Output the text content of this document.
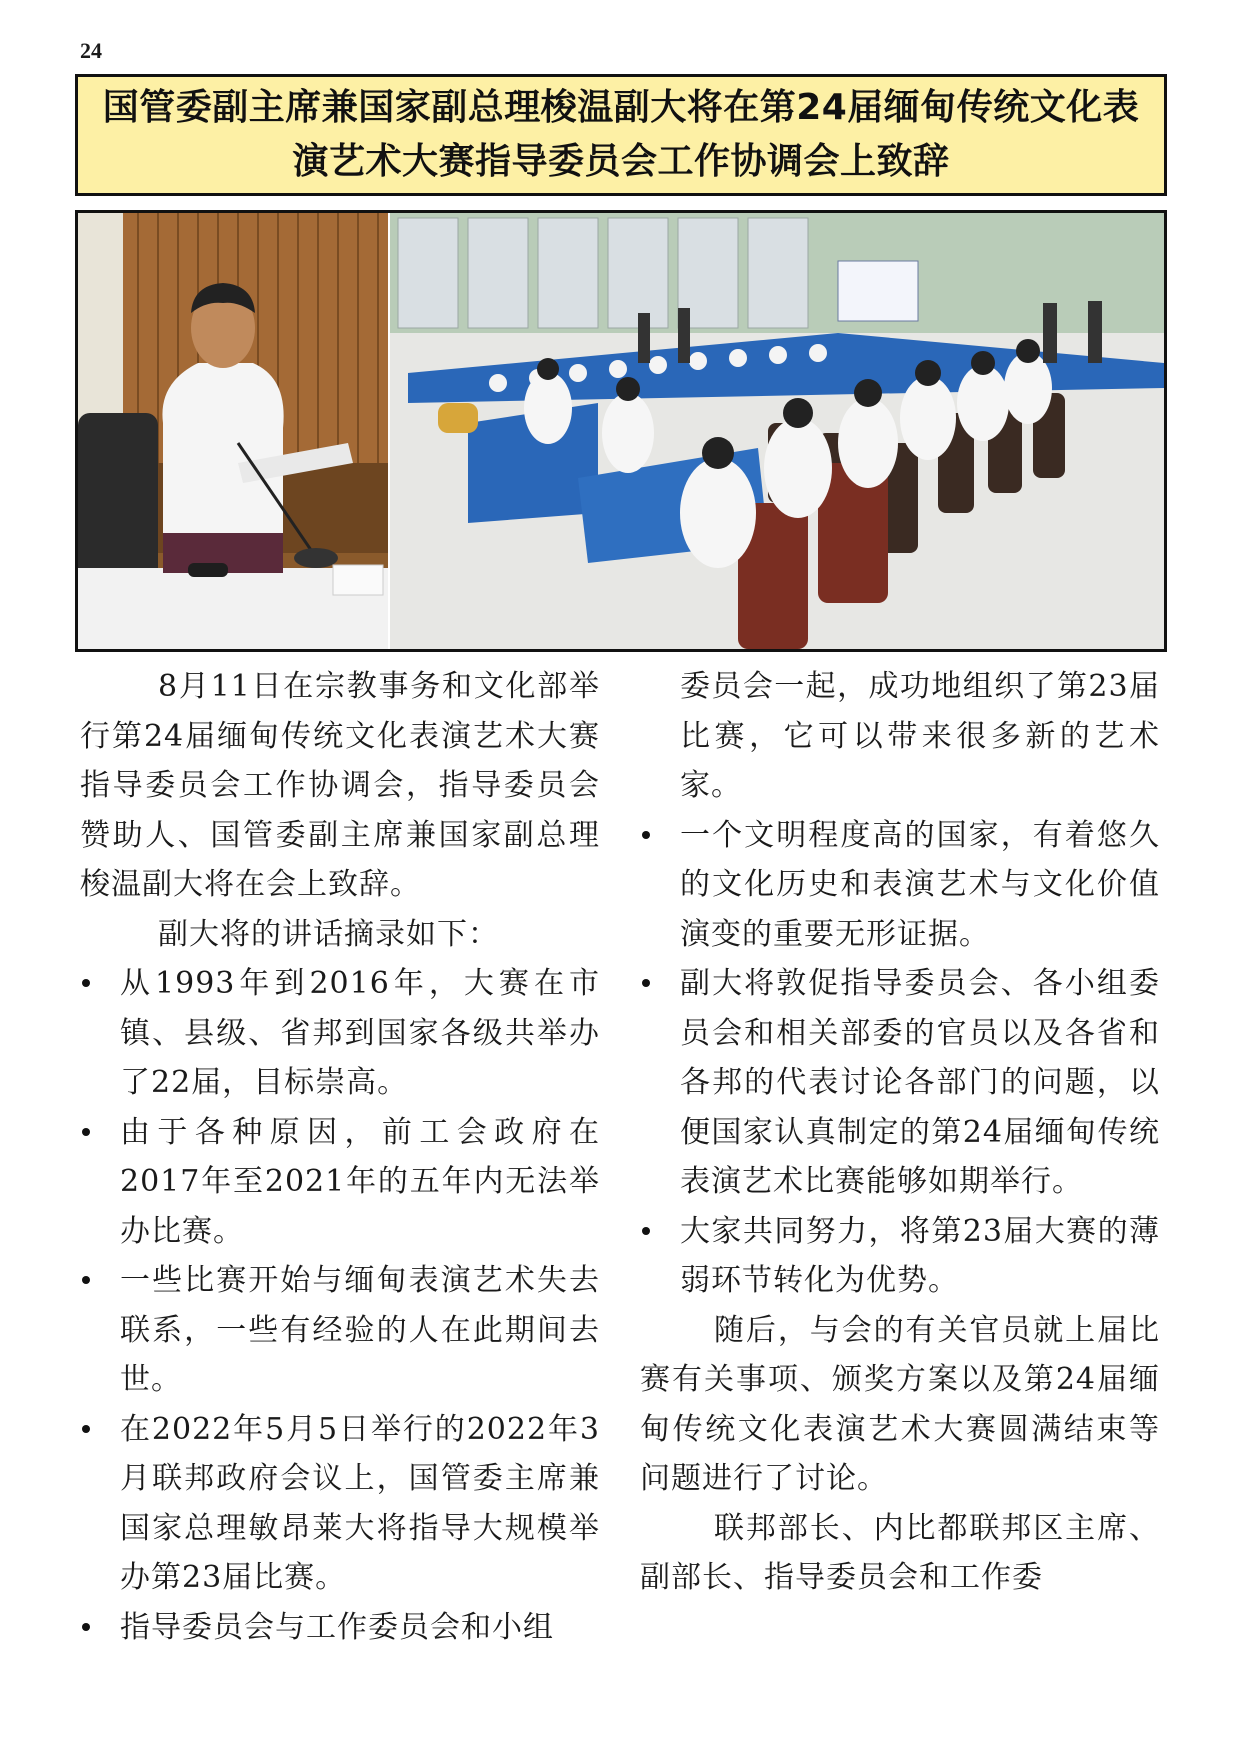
24
国管委副主席兼国家副总理梭温副大将在第24届缅甸传统文化表
演艺术大赛指导委员会工作协调会上致辞

8月11日在宗教事务和文化部举行第24届缅甸传统文化表演艺术大赛指导委员会工作协调会，指导委员会赞助人、国管委副主席兼国家副总理梭温副大将在会上致辞。

副大将的讲话摘录如下：

从1993年到2016年，大赛在市镇、县级、省邦到国家各级共举办了22届，目标崇高。
由于各种原因，前工会政府在2017年至2021年的五年内无法举办比赛。
一些比赛开始与缅甸表演艺术失去联系，一些有经验的人在此期间去世。
在2022年5月5日举行的2022年3月联邦政府会议上，国管委主席兼国家总理敏昂莱大将指导大规模举办第23届比赛。
指导委员会与工作委员会和小组

委员会一起，成功地组织了第23届比赛，它可以带来很多新的艺术家。

一个文明程度高的国家，有着悠久的文化历史和表演艺术与文化价值演变的重要无形证据。
副大将敦促指导委员会、各小组委员会和相关部委的官员以及各省和各邦的代表讨论各部门的问题，以便国家认真制定的第24届缅甸传统表演艺术比赛能够如期举行。
大家共同努力，将第23届大赛的薄弱环节转化为优势。

随后，与会的有关官员就上届比赛有关事项、颁奖方案以及第24届缅甸传统文化表演艺术大赛圆满结束等问题进行了讨论。

联邦部长、内比都联邦区主席、副部长、指导委员会和工作委
